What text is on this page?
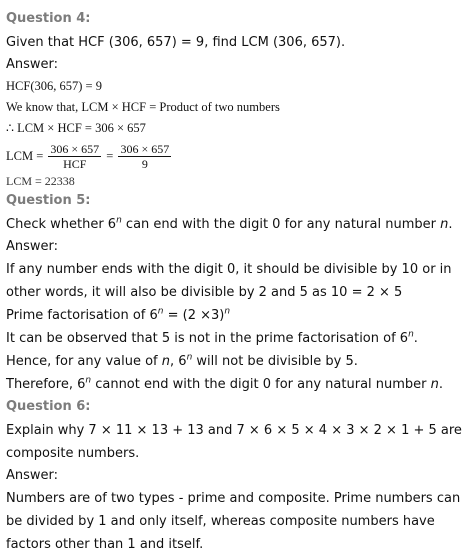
Question 4:
Given that HCF (306, 657) = 9, find LCM (306, 657).
Answer:
HCF(306, 657) = 9
We know that, LCM × HCF = Product of two numbers
∴ LCM × HCF = 306 × 657
LCM = $\frac{306 \times 657}{\text{HCF}} = \frac{306 \times 657}{9}$
LCM = 22338
Question 5:
Check whether 6$^n$ can end with the digit 0 for any natural number n.
Answer:
If any number ends with the digit 0, it should be divisible by 10 or in
other words, it will also be divisible by 2 and 5 as 10 = 2 × 5
Prime factorisation of $6^n = (2 \times 3)^n$
It can be observed that 5 is not in the prime factorisation of 6$^n$.
Hence, for any value of n, 6$^n$ will not be divisible by 5.
Therefore, 6$^n$ cannot end with the digit 0 for any natural number n.
Question 6:
Explain why 7 × 11 × 13 + 13 and 7 × 6 × 5 × 4 × 3 × 2 × 1 + 5 are
composite numbers.
Answer:
Numbers are of two types - prime and composite. Prime numbers can
be divided by 1 and only itself, whereas composite numbers have
factors other than 1 and itself.
